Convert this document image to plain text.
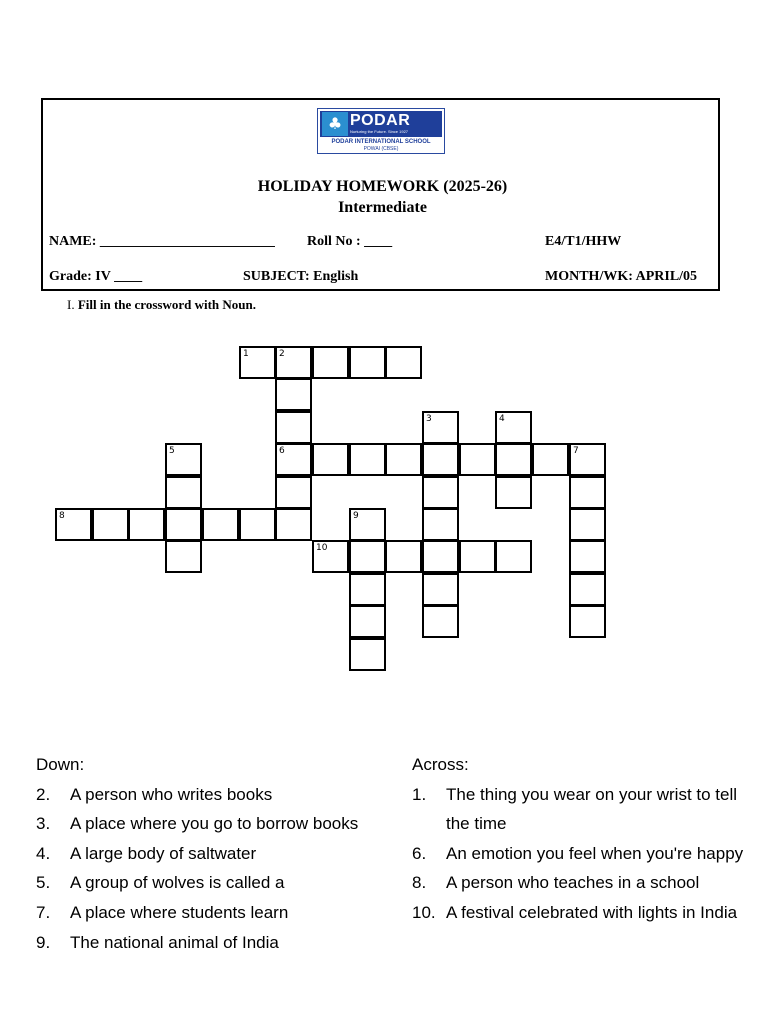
♣ PODAR
Nurturing the Future. Since 1927
PODAR INTERNATIONAL SCHOOL
POWAI (CBSE)
HOLIDAY HOMEWORK (2025-26)
Intermediate
NAME: _________________________ Roll No : ____	E4/T1/HHW
Grade: IV ____	SUBJECT: English	MONTH/WK: APRIL/05
I. Fill in the crossword with Noun.
1	2
3	4
5	6	7
8	9
10
Down:
2.	A person who writes books
3.	A place where you go to borrow books
4.	A large body of saltwater
5.	A group of wolves is called a
7.	A place where students learn
9.	The national animal of India
Across:
1.	The thing you wear on your wrist to tell the time
6.	An emotion you feel when you're happy
8.	A person who teaches in a school
10. A festival celebrated with lights in India
